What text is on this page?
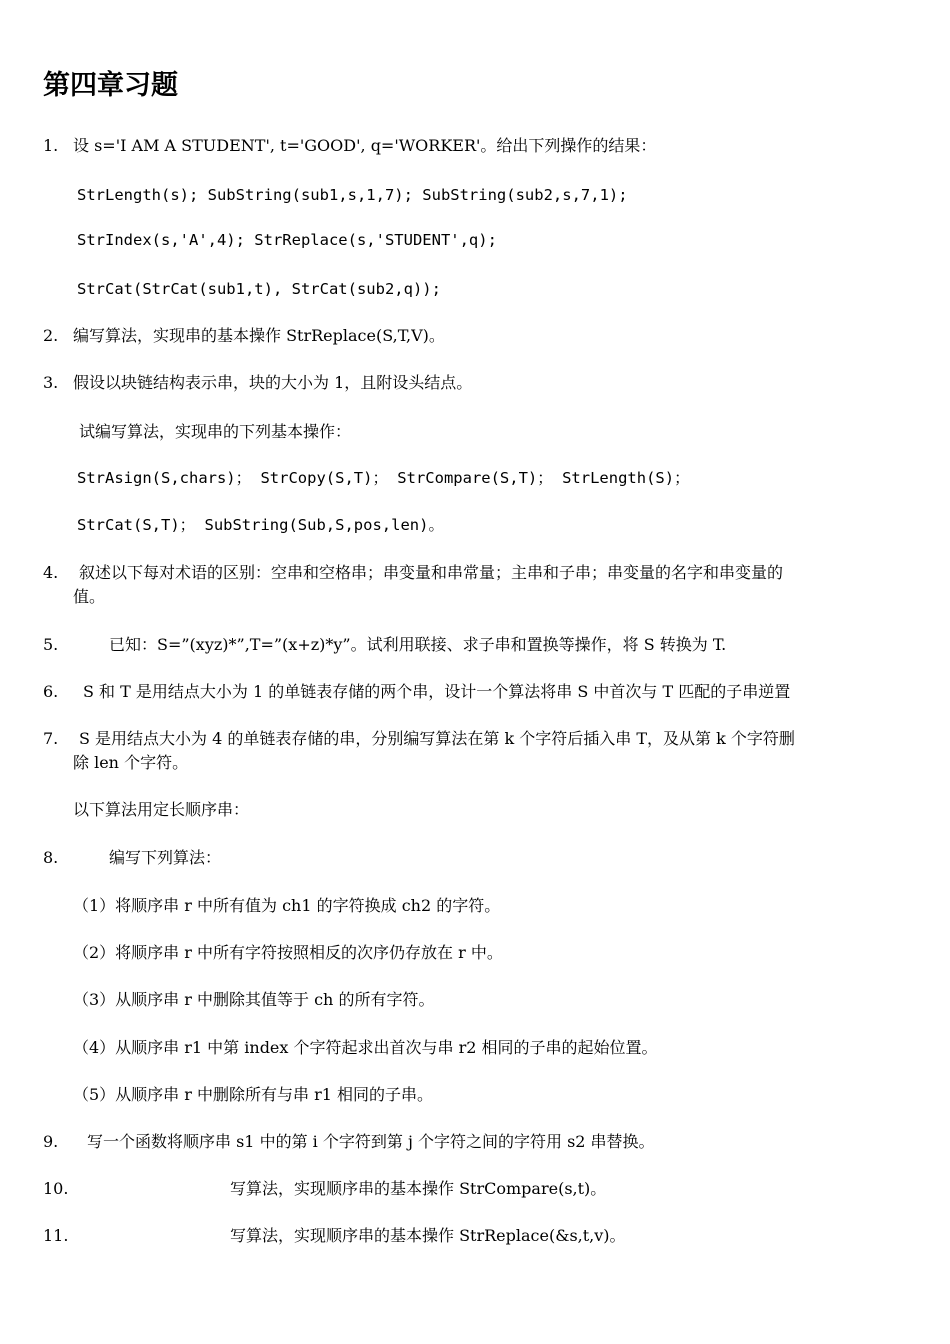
第四章习题
1. 设 s='I AM A STUDENT', t='GOOD', q='WORKER'。给出下列操作的结果：
StrLength(s); SubString(sub1,s,1,7); SubString(sub2,s,7,1);
StrIndex(s,'A',4); StrReplace(s,'STUDENT',q);
StrCat(StrCat(sub1,t), StrCat(sub2,q));
2. 编写算法，实现串的基本操作 StrReplace(S,T,V)。
3. 假设以块链结构表示串，块的大小为 1，且附设头结点。
试编写算法，实现串的下列基本操作：
StrAsign(S,chars)； StrCopy(S,T)； StrCompare(S,T)； StrLength(S)；
StrCat(S,T)； SubString(Sub,S,pos,len)。
4. 叙述以下每对术语的区别：空串和空格串；串变量和串常量；主串和子串；串变量的名字和串变量的
值。
5.	已知：S=”(xyz)*”,T=”(x+z)*y”。试利用联接、求子串和置换等操作，将 S 转换为 T.
6. S 和 T 是用结点大小为 1 的单链表存储的两个串，设计一个算法将串 S 中首次与 T 匹配的子串逆置
7. S 是用结点大小为 4 的单链表存储的串，分别编写算法在第 k 个字符后插入串 T，及从第 k 个字符删
除 len 个字符。
以下算法用定长顺序串：
8.	编写下列算法：
（1）将顺序串 r 中所有值为 ch1 的字符换成 ch2 的字符。
（2）将顺序串 r 中所有字符按照相反的次序仍存放在 r 中。
（3）从顺序串 r 中删除其值等于 ch 的所有字符。
（4）从顺序串 r1 中第 index 个字符起求出首次与串 r2 相同的子串的起始位置。
（5）从顺序串 r 中删除所有与串 r1 相同的子串。
9. 写一个函数将顺序串 s1 中的第 i 个字符到第 j 个字符之间的字符用 s2 串替换。
10.	写算法，实现顺序串的基本操作 StrCompare(s,t)。
11.	写算法，实现顺序串的基本操作 StrReplace(&s,t,v)。
